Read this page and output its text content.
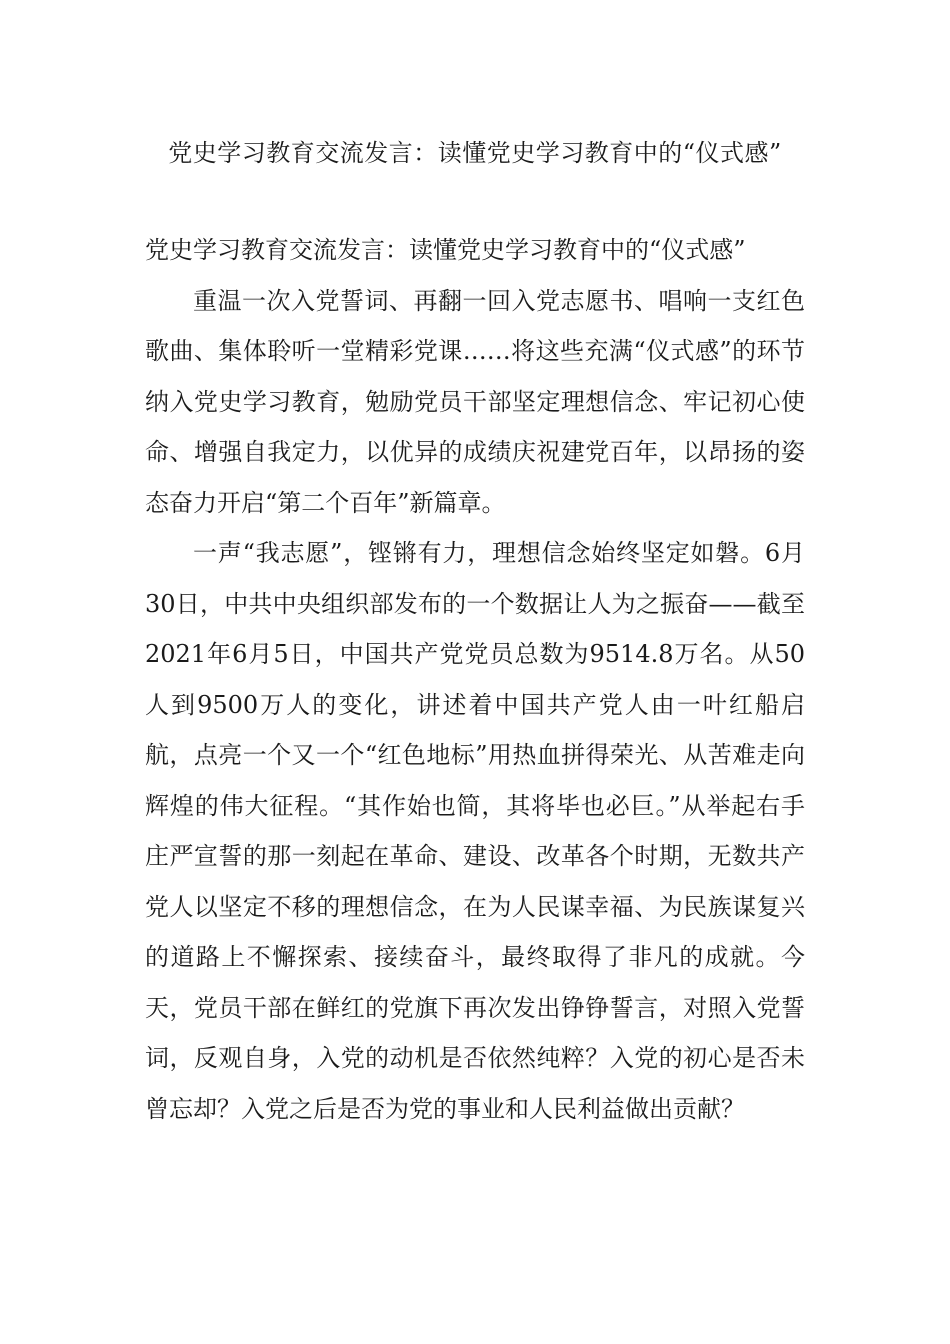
党史学习教育交流发言：读懂党史学习教育中的“仪式感”

党史学习教育交流发言：读懂党史学习教育中的“仪式感”

重温一次入党誓词、再翻一回入党志愿书、唱响一支红色歌曲、集体聆听一堂精彩党课……将这些充满“仪式感”的环节纳入党史学习教育，勉励党员干部坚定理想信念、牢记初心使命、增强自我定力，以优异的成绩庆祝建党百年，以昂扬的姿态奋力开启“第二个百年”新篇章。

一声“我志愿”，铿锵有力，理想信念始终坚定如磐。6月30日，中共中央组织部发布的一个数据让人为之振奋——截至2021年6月5日，中国共产党党员总数为9514.8万名。从50人到9500万人的变化，讲述着中国共产党人由一叶红船启航，点亮一个又一个“红色地标”用热血拼得荣光、从苦难走向辉煌的伟大征程。“其作始也简，其将毕也必巨。”从举起右手庄严宣誓的那一刻起在革命、建设、改革各个时期，无数共产党人以坚定不移的理想信念，在为人民谋幸福、为民族谋复兴的道路上不懈探索、接续奋斗，最终取得了非凡的成就。今天，党员干部在鲜红的党旗下再次发出铮铮誓言，对照入党誓词，反观自身，入党的动机是否依然纯粹？入党的初心是否未曾忘却？入党之后是否为党的事业和人民利益做出贡献？
